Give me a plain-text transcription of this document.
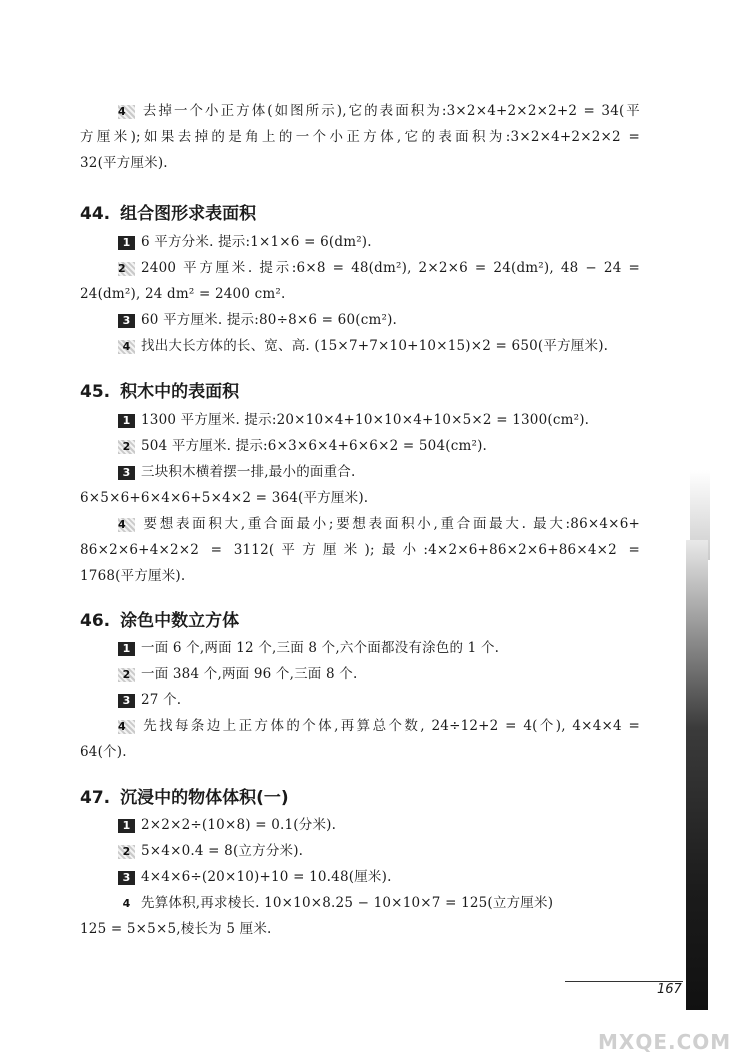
4 去掉一个小正方体(如图所示),它的表面积为:3×2×4+2×2×2+2 = 34(平
方厘米);如果去掉的是角上的一个小正方体,它的表面积为:3×2×4+2×2×2 =
32(平方厘米).
44. 组合图形求表面积
1 6 平方分米. 提示:1×1×6 = 6(dm²).
2 2400 平方厘米. 提示:6×8 = 48(dm²), 2×2×6 = 24(dm²), 48 − 24 =
24(dm²), 24 dm² = 2400 cm².
3 60 平方厘米. 提示:80÷8×6 = 60(cm²).
4 找出大长方体的长、宽、高. (15×7+7×10+10×15)×2 = 650(平方厘米).
45. 积木中的表面积
1 1300 平方厘米. 提示:20×10×4+10×10×4+10×5×2 = 1300(cm²).
2 504 平方厘米. 提示:6×3×6×4+6×6×2 = 504(cm²).
3 三块积木横着摆一排,最小的面重合.
6×5×6+6×4×6+5×4×2 = 364(平方厘米).
4 要想表面积大,重合面最小;要想表面积小,重合面最大. 最大:86×4×6+
86×2×6+4×2×2 = 3112(平方厘米);最小:4×2×6+86×2×6+86×4×2 =
1768(平方厘米).
46. 涂色中数立方体
1 一面 6 个,两面 12 个,三面 8 个,六个面都没有涂色的 1 个.
2 一面 384 个,两面 96 个,三面 8 个.
3 27 个.
4 先找每条边上正方体的个体,再算总个数, 24÷12+2 = 4(个), 4×4×4 =
64(个).
47. 沉浸中的物体体积(一)
1 2×2×2÷(10×8) = 0.1(分米).
2 5×4×0.4 = 8(立方分米).
3 4×4×6÷(20×10)+10 = 10.48(厘米).
4 先算体积,再求棱长. 10×10×8.25 − 10×10×7 = 125(立方厘米)
125 = 5×5×5,棱长为 5 厘米.
167
MXQE.COM
